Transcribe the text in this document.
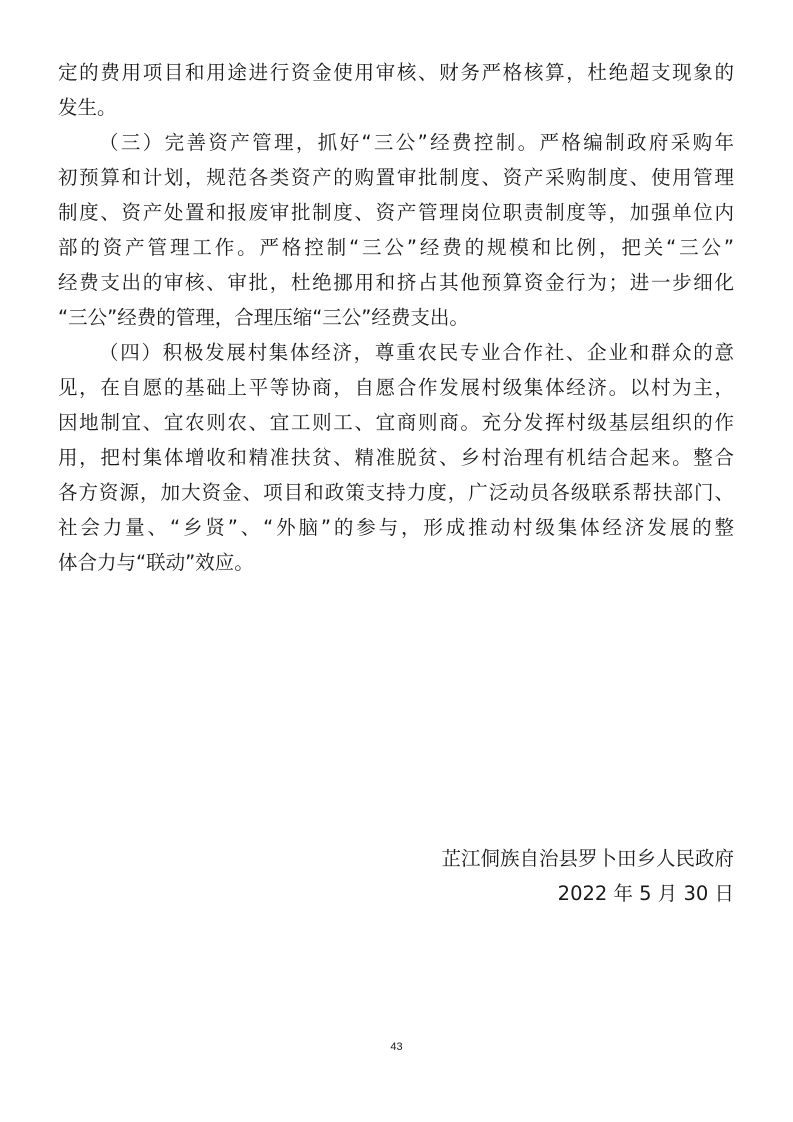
定的费用项目和用途进行资金使用审核、财务严格核算，杜绝超支现象的
发生。
（三）完善资产管理，抓好“三公”经费控制。严格编制政府采购年
初预算和计划，规范各类资产的购置审批制度、资产采购制度、使用管理
制度、资产处置和报废审批制度、资产管理岗位职责制度等，加强单位内
部的资产管理工作。严格控制“三公”经费的规模和比例，把关“三公”
经费支出的审核、审批，杜绝挪用和挤占其他预算资金行为；进一步细化
“三公”经费的管理，合理压缩“三公”经费支出。
（四）积极发展村集体经济，尊重农民专业合作社、企业和群众的意
见，在自愿的基础上平等协商，自愿合作发展村级集体经济。以村为主，
因地制宜、宜农则农、宜工则工、宜商则商。充分发挥村级基层组织的作
用，把村集体增收和精准扶贫、精准脱贫、乡村治理有机结合起来。整合
各方资源，加大资金、项目和政策支持力度，广泛动员各级联系帮扶部门、
社会力量、“乡贤”、“外脑”的参与，形成推动村级集体经济发展的整
体合力与“联动”效应。
芷江侗族自治县罗卜田乡人民政府
2022 年 5 月 30 日
43
